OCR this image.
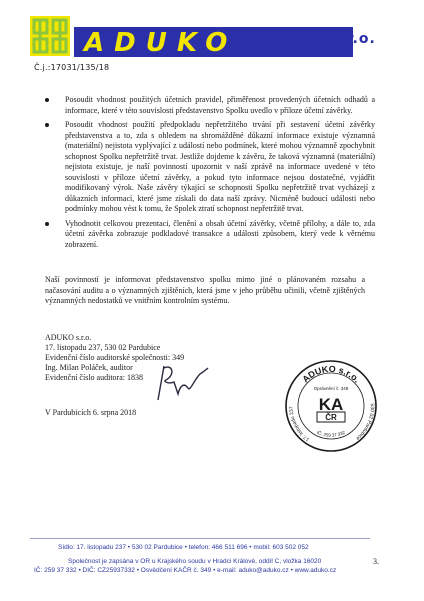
ADUKO	s.r.o.
Č.j.:17031/135/18
Posoudit vhodnost použitých účetních pravidel, přiměřenost provedených účetních odhadů a informace, které v této souvislosti představenstvo Spolku uvedlo v příloze účetní závěrky.
Posoudit vhodnost použití předpokladu nepřetržitého trvání při sestavení účetní závěrky představenstva a to, zda s ohledem na shromážděné důkazní informace existuje významná (materiální) nejistota vyplývající z událostí nebo podmínek, které mohou významně zpochybnit schopnost Spolku nepřetržitě trvat. Jestliže dojdeme k závěru, že taková významná (materiální) nejistota existuje, je naší povinností upozornit v naší zprávě na informace uvedené v této souvislosti v příloze účetní závěrky, a pokud tyto informace nejsou dostatečné, vyjádřit modifikovaný výrok. Naše závěry týkající se schopnosti Spolku nepřetržitě trvat vycházejí z důkazních informací, které jsme získali do data naší zprávy. Nicméně budoucí události nebo podmínky mohou vést k tomu, že Spolek ztratí schopnost nepřetržitě trvat.
Vyhodnotit celkovou prezentaci, členění a obsah účetní závěrky, včetně přílohy, a dále to, zda účetní závěrka zobrazuje podkladové transakce a události způsobem, který vede k věrnému zobrazení.
Naší povinností je informovat představenstvo spolku mimo jiné o plánovaném rozsahu a načasování auditu a o významných zjištěních, která jsme v jeho průběhu učinili, včetně zjištěných významných nedostatků ve vnitřním kontrolním systému.
ADUKO s.r.o.
17. listopadu 237, 530 02 Pardubice
Evidenční číslo auditorské společnosti: 349
Ing. Milan Poláček, auditor
Evidenční číslo auditora: 1838
V Pardubicích 6. srpna 2018
ADUKO s.r.o.
Oprávnění č. 349
KA
ČR
17. listopadu 237
530 02 Pardubice
IČ: 259 37 332
Sídlo: 17. listopadu 237 • 530 02 Pardubice • telefon: 466 511 696 • mobil: 603 502 052
Společnost je zapsána v OR u Krajského soudu v Hradci Králové, oddíl C, vložka 16020
IČ: 259 37 332 • DIČ: CZ25937332 • Osvědčení KAČR č. 349 • e-mail: aduko@aduko.cz • www.aduko.cz
3.
